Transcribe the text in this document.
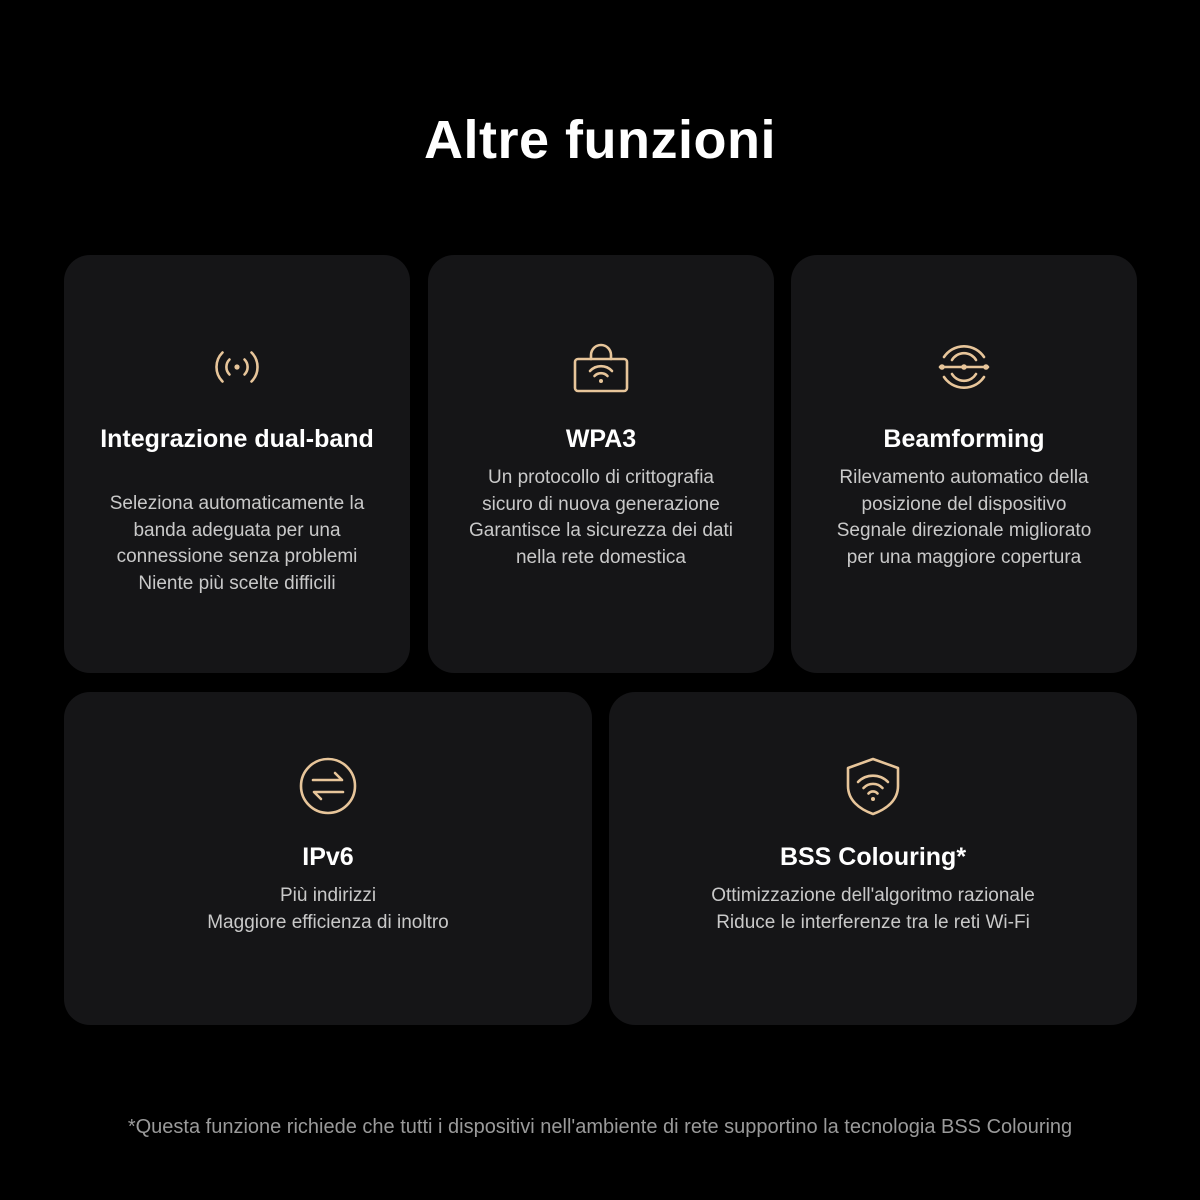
Altre funzioni
Integrazione dual-band

Seleziona automaticamente la
banda adeguata per una
connessione senza problemi
Niente più scelte difficili

WPA3

Un protocollo di crittografia
sicuro di nuova generazione
Garantisce la sicurezza dei dati
nella rete domestica

Beamforming

Rilevamento automatico della
posizione del dispositivo
Segnale direzionale migliorato
per una maggiore copertura

IPv6

Più indirizzi
Maggiore efficienza di inoltro

BSS Colouring*

Ottimizzazione dell'algoritmo razionale
Riduce le interferenze tra le reti Wi-Fi

*Questa funzione richiede che tutti i dispositivi nell'ambiente di rete supportino la tecnologia BSS Colouring
